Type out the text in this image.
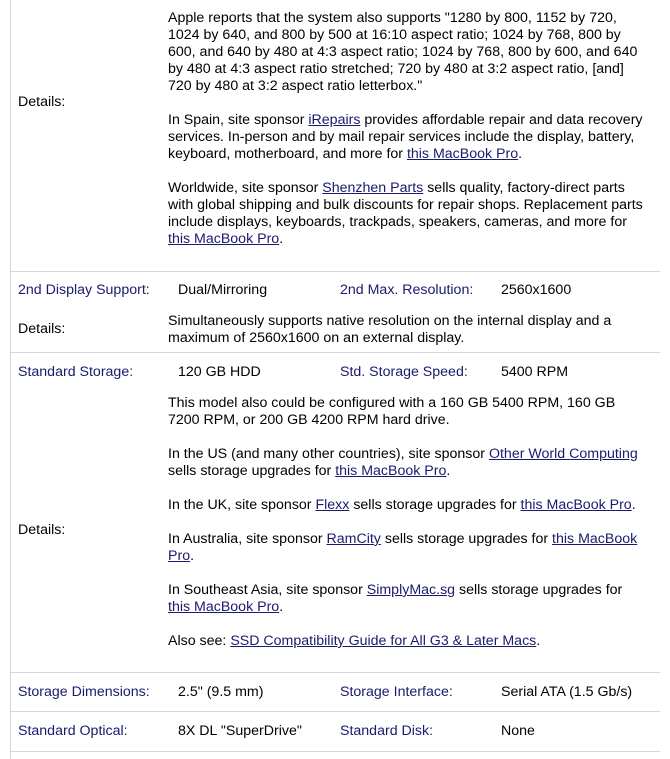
Details:

Apple reports that the system also supports "1280 by 800, 1152 by 720, 1024 by 640, and 800 by 500 at 16:10 aspect ratio; 1024 by 768, 800 by 600, and 640 by 480 at 4:3 aspect ratio; 1024 by 768, 800 by 600, and 640 by 480 at 4:3 aspect ratio stretched; 720 by 480 at 3:2 aspect ratio, [and] 720 by 480 at 3:2 aspect ratio letterbox."

In Spain, site sponsor iRepairs provides affordable repair and data recovery services. In-person and by mail repair services include the display, battery, keyboard, motherboard, and more for this MacBook Pro.

Worldwide, site sponsor Shenzhen Parts sells quality, factory-direct parts with global shipping and bulk discounts for repair shops. Replacement parts include displays, keyboards, trackpads, speakers, cameras, and more for this MacBook Pro.

2nd Display Support: Dual/Mirroring	2nd Max. Resolution: 2560x1600
Details:	Simultaneously supports native resolution on the internal display and a maximum of 2560x1600 on an external display.

Standard Storage:	120 GB HDD	Std. Storage Speed: 5400 RPM
Details:

This model also could be configured with a 160 GB 5400 RPM, 160 GB 7200 RPM, or 200 GB 4200 RPM hard drive.

In the US (and many other countries), site sponsor Other World Computing sells storage upgrades for this MacBook Pro.

In the UK, site sponsor Flexx sells storage upgrades for this MacBook Pro.

In Australia, site sponsor RamCity sells storage upgrades for this MacBook Pro.

In Southeast Asia, site sponsor SimplyMac.sg sells storage upgrades for this MacBook Pro.

Also see: SSD Compatibility Guide for All G3 & Later Macs.

Storage Dimensions: 2.5" (9.5 mm)	Storage Interface:	Serial ATA (1.5 Gb/s)
Standard Optical:	8X DL "SuperDrive"	Standard Disk:	None
